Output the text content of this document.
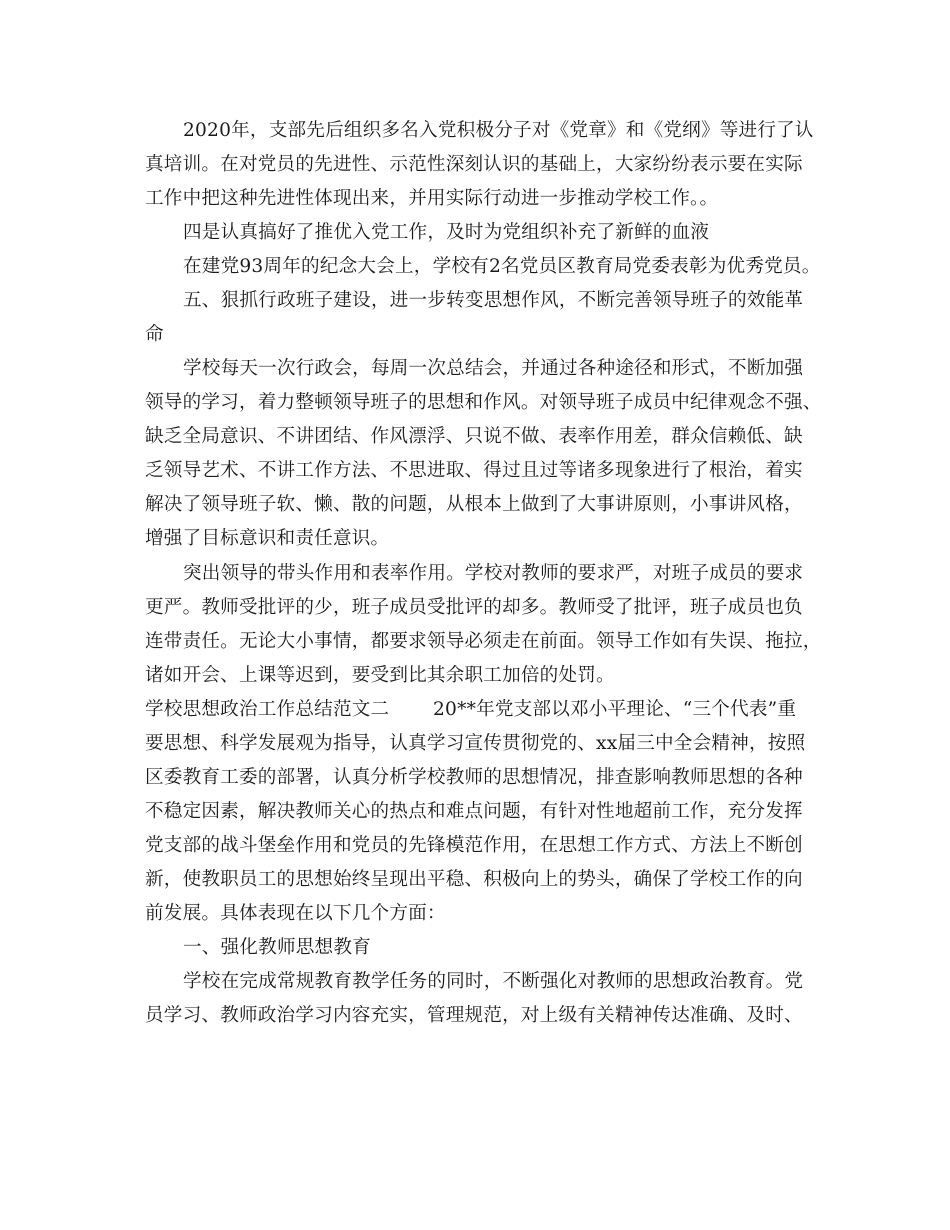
2020年，支部先后组织多名入党积极分子对《党章》和《党纲》等进行了认
真培训。在对党员的先进性、示范性深刻认识的基础上，大家纷纷表示要在实际
工作中把这种先进性体现出来，并用实际行动进一步推动学校工作。。
四是认真搞好了推优入党工作，及时为党组织补充了新鲜的血液
在建党93周年的纪念大会上，学校有2名党员区教育局党委表彰为优秀党员。
五、狠抓行政班子建设，进一步转变思想作风，不断完善领导班子的效能革
命
学校每天一次行政会，每周一次总结会，并通过各种途径和形式，不断加强
领导的学习，着力整顿领导班子的思想和作风。对领导班子成员中纪律观念不强、
缺乏全局意识、不讲团结、作风漂浮、只说不做、表率作用差，群众信赖低、缺
乏领导艺术、不讲工作方法、不思进取、得过且过等诸多现象进行了根治，着实
解决了领导班子软、懒、散的问题，从根本上做到了大事讲原则，小事讲风格，
增强了目标意识和责任意识。
突出领导的带头作用和表率作用。学校对教师的要求严，对班子成员的要求
更严。教师受批评的少，班子成员受批评的却多。教师受了批评，班子成员也负
连带责任。无论大小事情，都要求领导必须走在前面。领导工作如有失误、拖拉，
诸如开会、上课等迟到，要受到比其余职工加倍的处罚。
学校思想政治工作总结范文二　　 20**年党支部以邓小平理论、“三个代表”重
要思想、科学发展观为指导，认真学习宣传贯彻党的、xx届三中全会精神，按照
区委教育工委的部署，认真分析学校教师的思想情况，排查影响教师思想的各种
不稳定因素，解决教师关心的热点和难点问题，有针对性地超前工作，充分发挥
党支部的战斗堡垒作用和党员的先锋模范作用，在思想工作方式、方法上不断创
新，使教职员工的思想始终呈现出平稳、积极向上的势头，确保了学校工作的向
前发展。具体表现在以下几个方面：
一、强化教师思想教育
学校在完成常规教育教学任务的同时，不断强化对教师的思想政治教育。党
员学习、教师政治学习内容充实，管理规范，对上级有关精神传达准确、及时、
